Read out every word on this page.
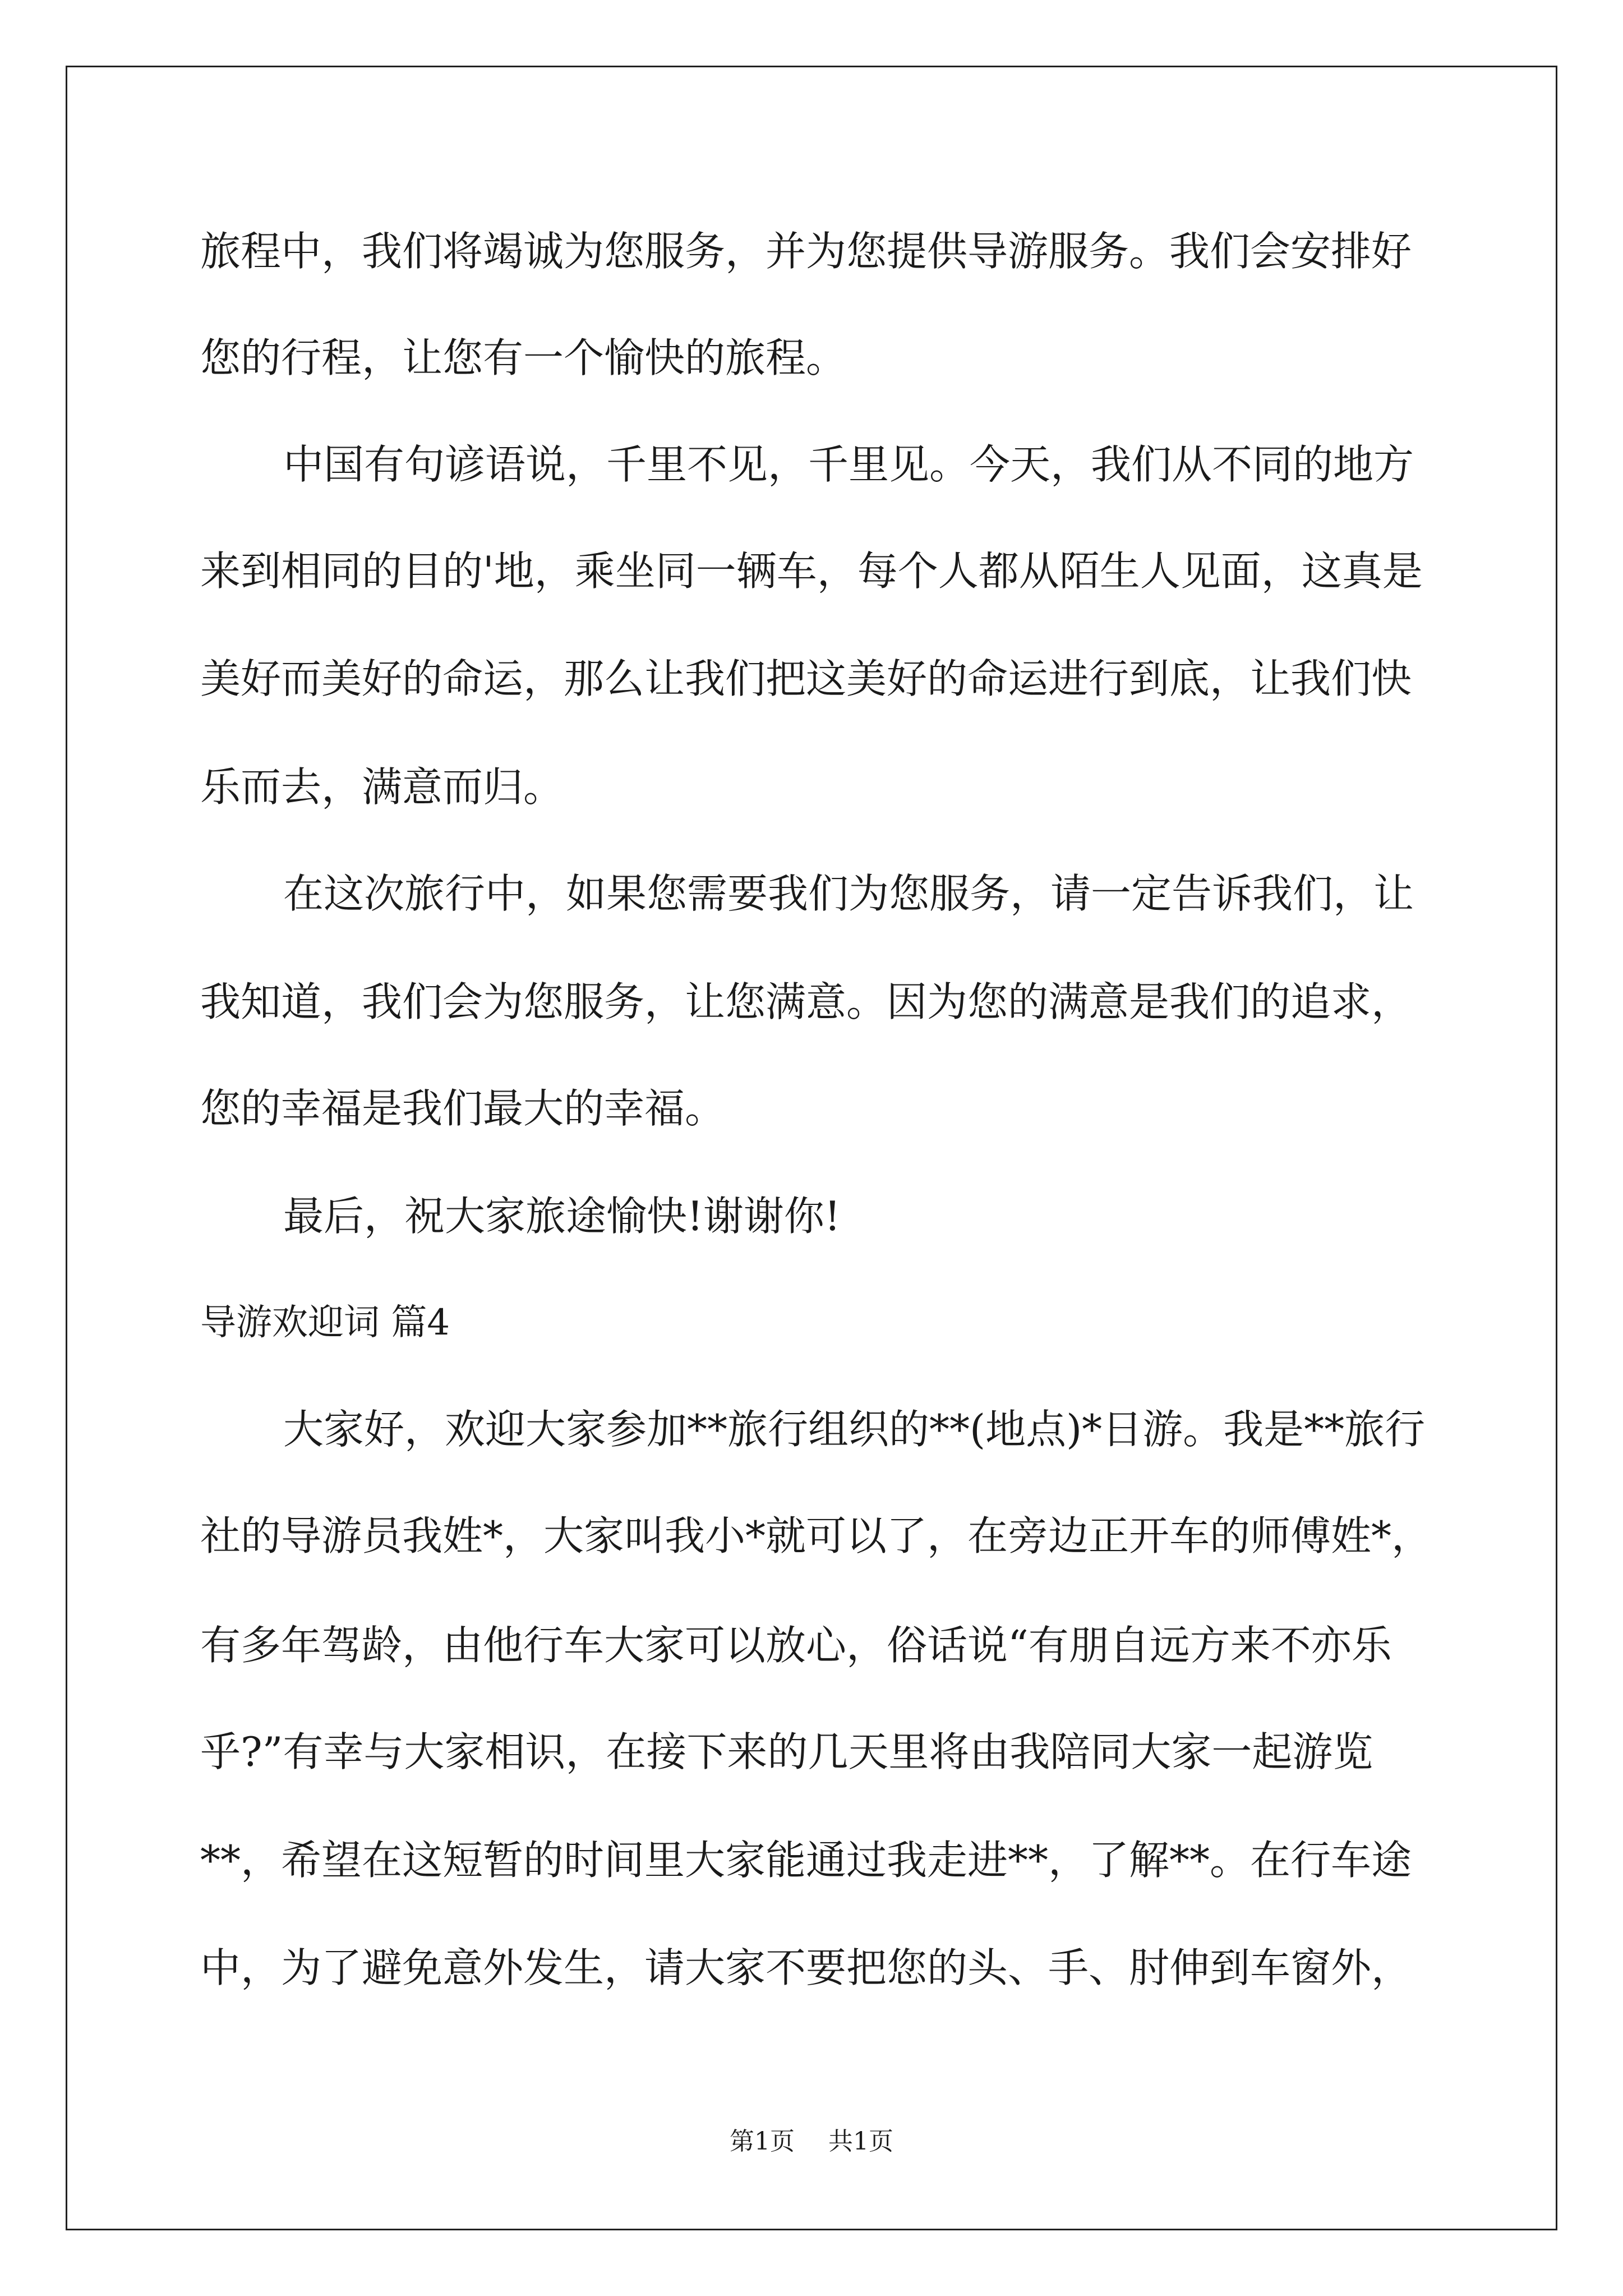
旅程中，我们将竭诚为您服务，并为您提供导游服务。我们会安排好
您的行程，让您有一个愉快的旅程。
中国有句谚语说，千里不见，千里见。今天，我们从不同的地方
来到相同的目的'地，乘坐同一辆车，每个人都从陌生人见面，这真是
美好而美好的命运，那么让我们把这美好的命运进行到底，让我们快
乐而去，满意而归。
在这次旅行中，如果您需要我们为您服务，请一定告诉我们，让
我知道，我们会为您服务，让您满意。因为您的满意是我们的追求，
您的幸福是我们最大的幸福。
最后，祝大家旅途愉快!谢谢你!
导游欢迎词 篇4
大家好，欢迎大家参加**旅行组织的**(地点)*日游。我是**旅行
社的导游员我姓*，大家叫我小*就可以了，在旁边正开车的师傅姓*，
有多年驾龄，由他行车大家可以放心，俗话说“有朋自远方来不亦乐
乎?”有幸与大家相识，在接下来的几天里将由我陪同大家一起游览
**，希望在这短暂的时间里大家能通过我走进**，了解**。在行车途
中，为了避免意外发生，请大家不要把您的头、手、肘伸到车窗外，
第1页 共1页
